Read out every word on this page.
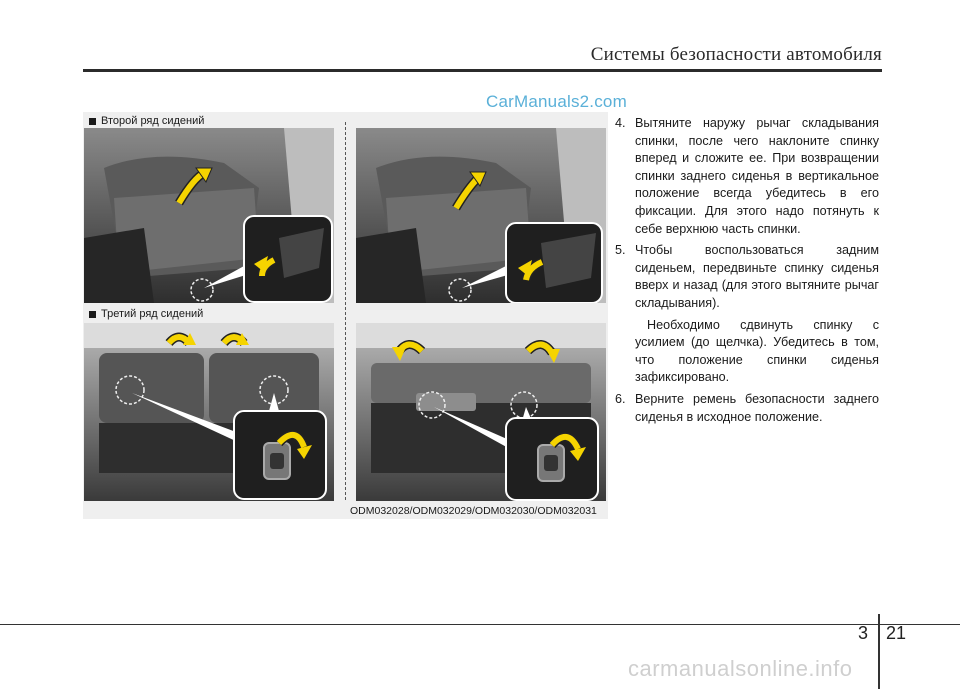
Системы безопасности автомобиля
CarManuals2.com
Второй ряд сидений
Третий ряд сидений
ODM032028/ODM032029/ODM032030/ODM032031
4. Вытяните наружу рычаг складывания спинки, после чего наклоните спинку вперед и сложите ее. При возвращении спинки заднего сиденья в вертикальное положение всегда убедитесь в его фиксации. Для этого надо потянуть к себе верхнюю часть спинки.
5. Чтобы воспользоваться задним сиденьем, передвиньте спинку сиденья вверх и назад (для этого вытяните рычаг складывания).
Необходимо сдвинуть спинку с усилием (до щелчка). Убедитесь в том, что положение спинки сиденья зафиксировано.
6. Верните ремень безопасности заднего сиденья в исходное положение.
3 21
carmanualsonline.info
